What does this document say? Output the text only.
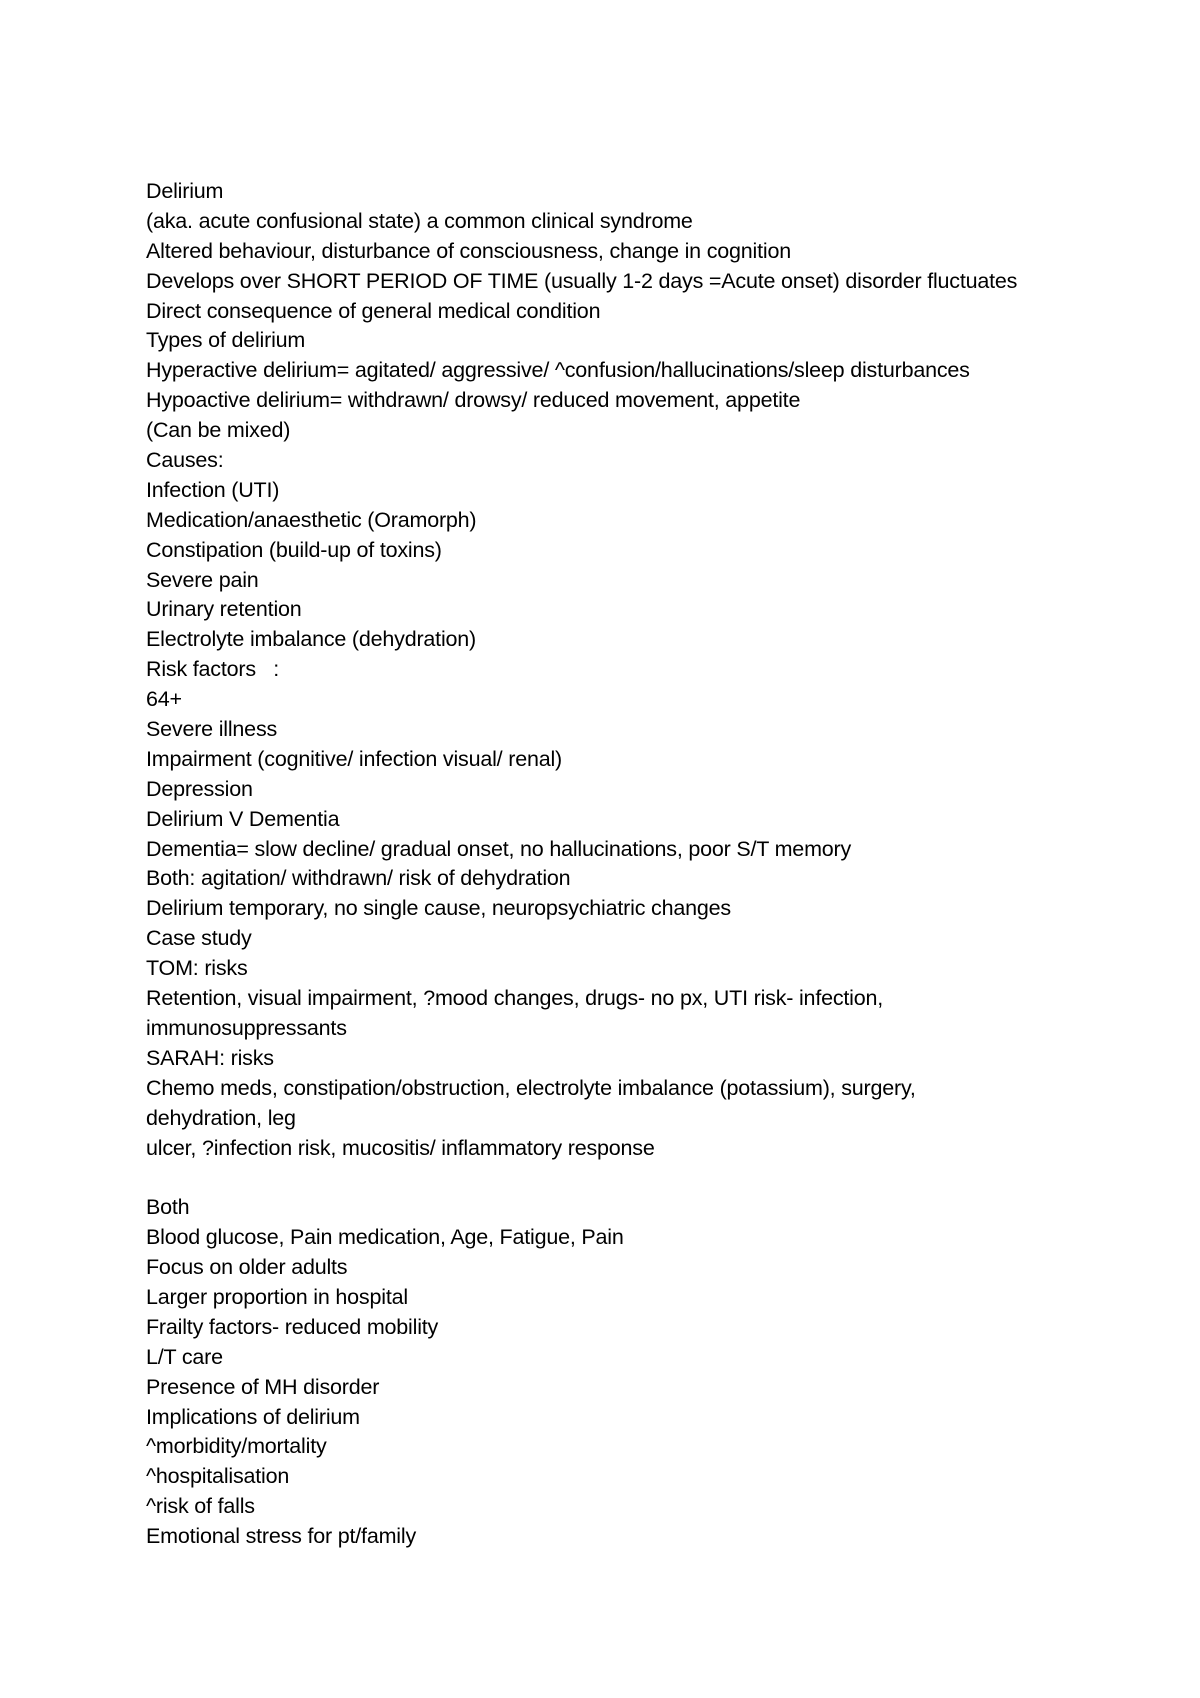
Delirium
(aka. acute confusional state) a common clinical syndrome
Altered behaviour, disturbance of consciousness, change in cognition
Develops over SHORT PERIOD OF TIME (usually 1-2 days =Acute onset) disorder fluctuates
Direct consequence of general medical condition
Types of delirium
Hyperactive delirium= agitated/ aggressive/ ^confusion/hallucinations/sleep disturbances
Hypoactive delirium= withdrawn/ drowsy/ reduced movement, appetite
(Can be mixed)
Causes:
Infection (UTI)
Medication/anaesthetic (Oramorph)
Constipation (build-up of toxins)
Severe pain
Urinary retention
Electrolyte imbalance (dehydration)
Risk factors   :
64+
Severe illness
Impairment (cognitive/ infection visual/ renal)
Depression
Delirium V Dementia
Dementia= slow decline/ gradual onset, no hallucinations, poor S/T memory
Both: agitation/ withdrawn/ risk of dehydration
Delirium temporary, no single cause, neuropsychiatric changes
Case study
TOM: risks
Retention, visual impairment, ?mood changes, drugs- no px, UTI risk- infection,
immunosuppressants
SARAH: risks
Chemo meds, constipation/obstruction, electrolyte imbalance (potassium), surgery,
dehydration, leg
ulcer, ?infection risk, mucositis/ inflammatory response
Both
Blood glucose, Pain medication, Age, Fatigue, Pain
Focus on older adults
Larger proportion in hospital
Frailty factors- reduced mobility
L/T care
Presence of MH disorder
Implications of delirium
^morbidity/mortality
^hospitalisation
^risk of falls
Emotional stress for pt/family
